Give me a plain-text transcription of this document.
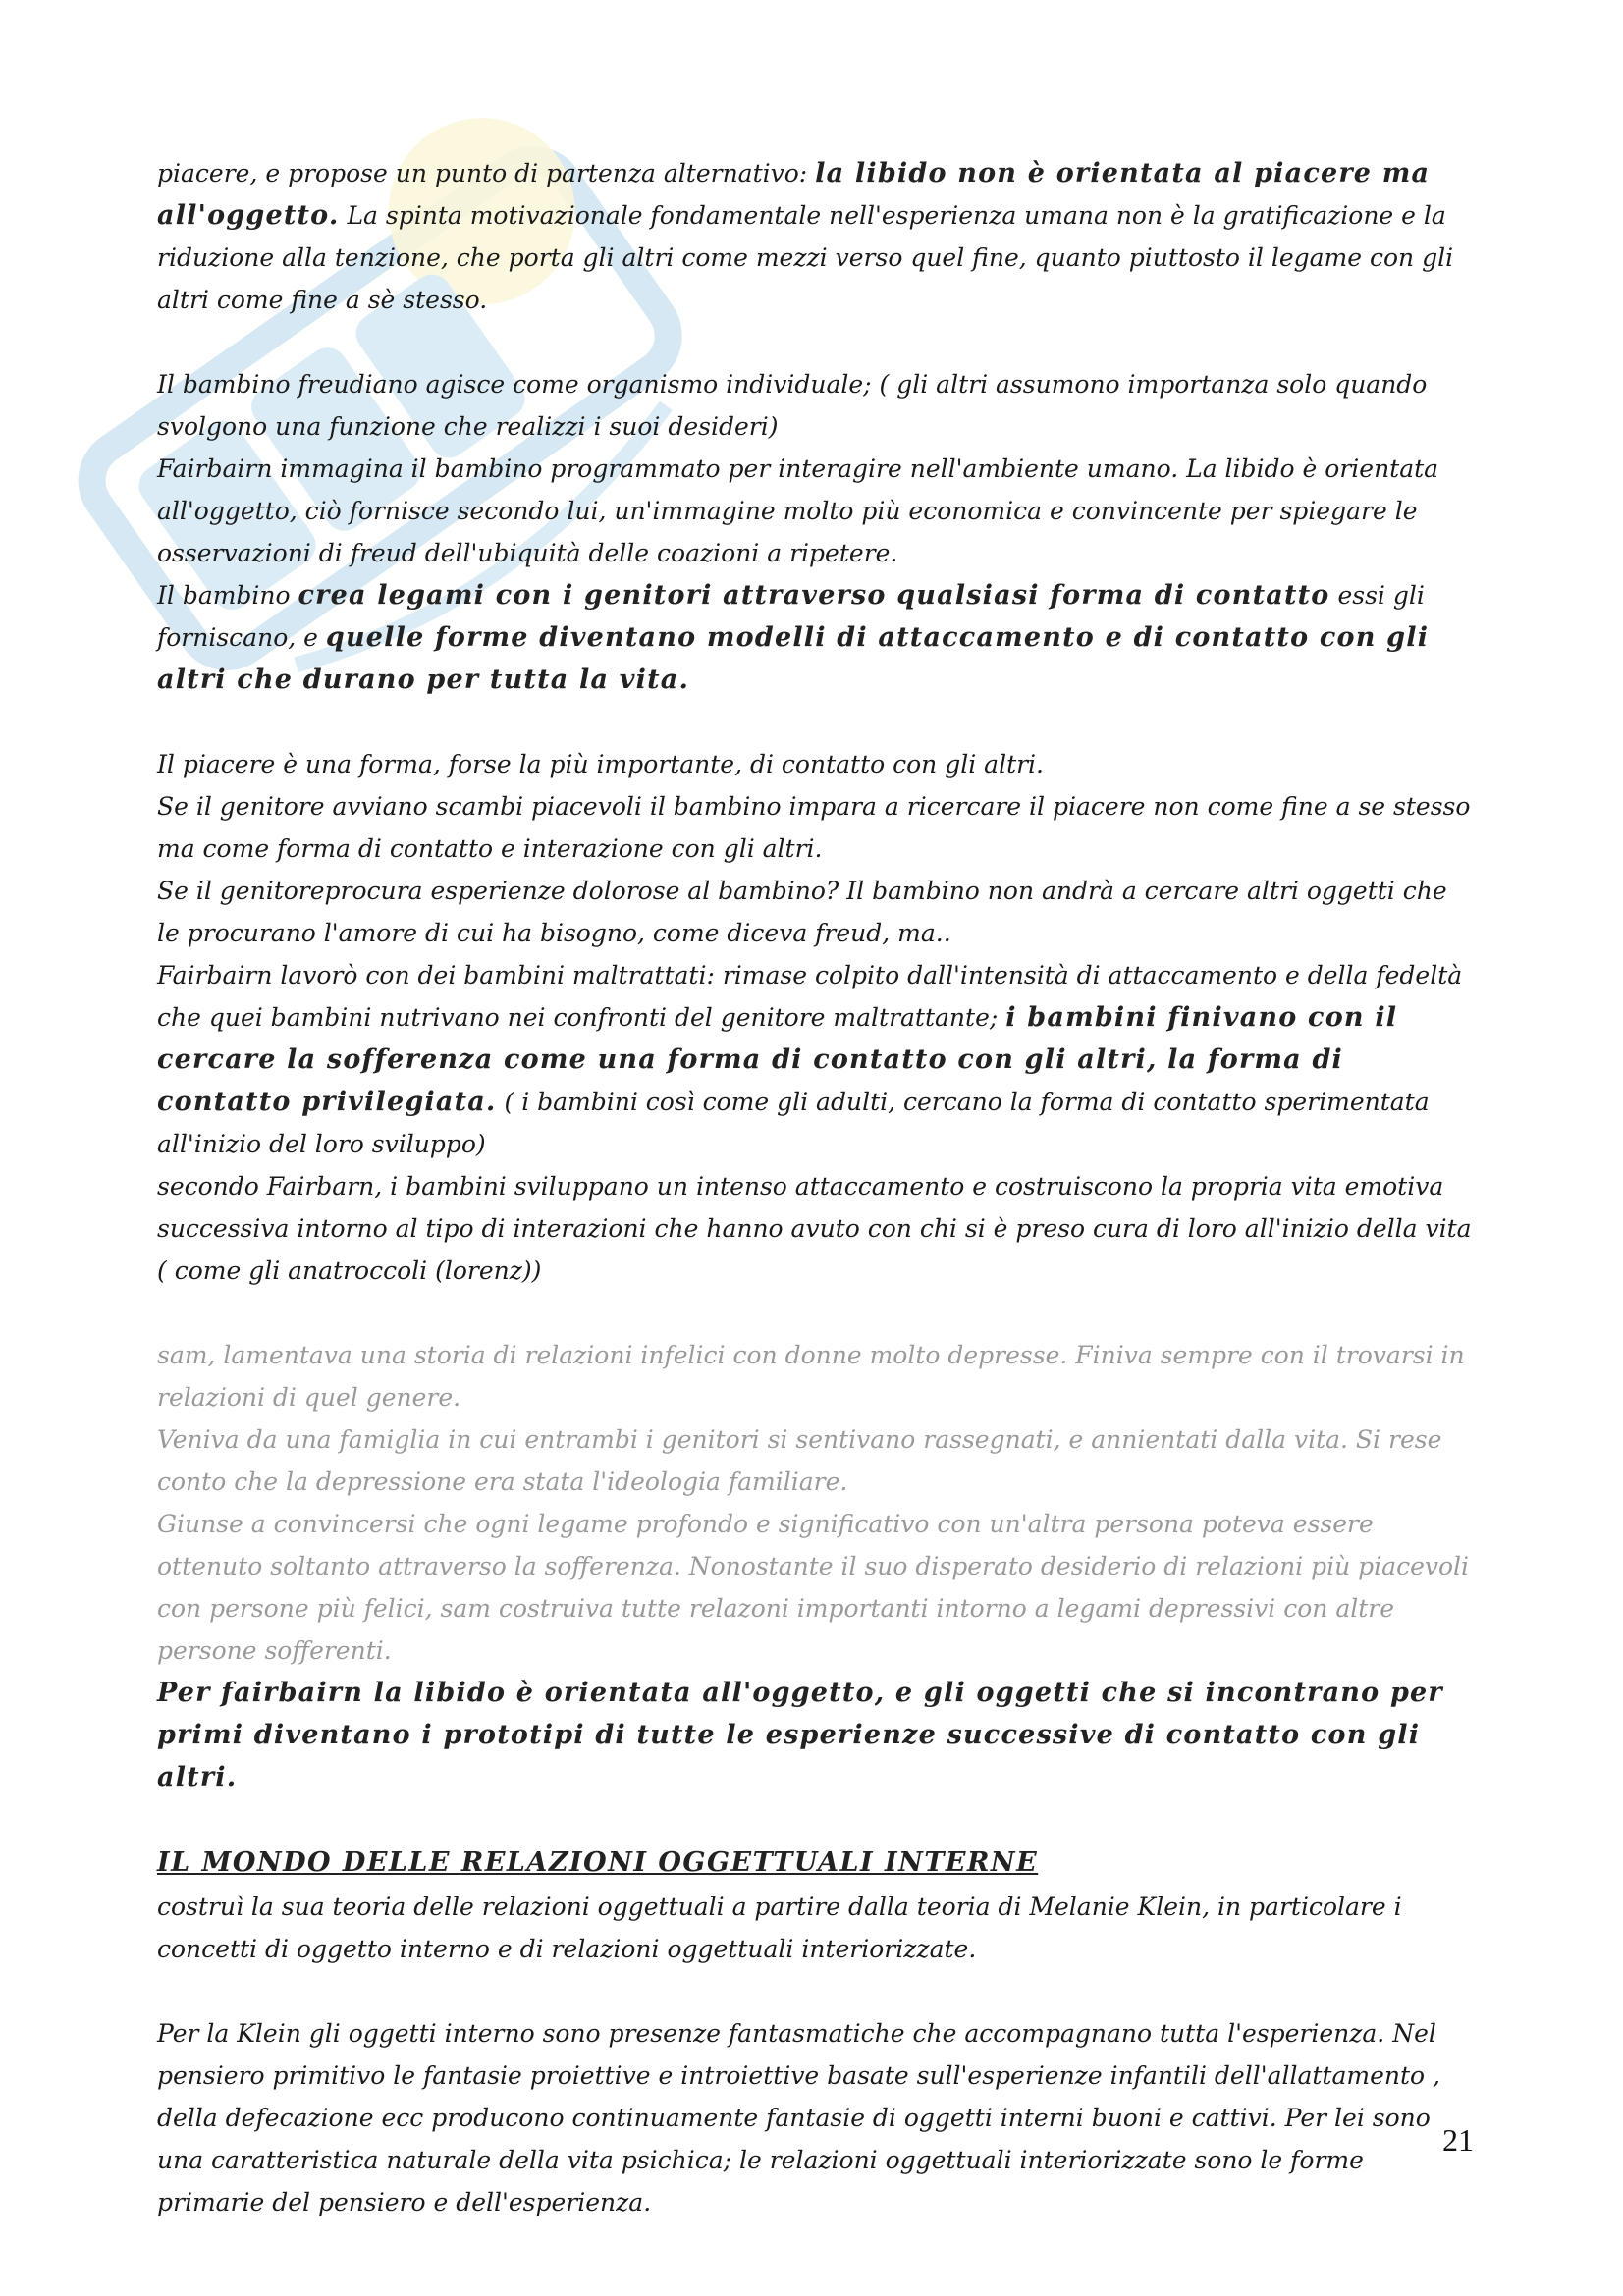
piacere, e propose un punto di partenza alternativo: la libido non è orientata al piacere ma all'oggetto. La spinta motivazionale fondamentale nell'esperienza umana non è la gratificazione e la riduzione alla tenzione, che porta gli altri come mezzi verso quel fine, quanto piuttosto il legame con gli altri come fine a sè stesso.

Il bambino freudiano agisce come organismo individuale; ( gli altri assumono importanza solo quando svolgono una funzione che realizzi i suoi desideri)

Fairbairn immagina il bambino programmato per interagire nell'ambiente umano. La libido è orientata all'oggetto, ciò fornisce secondo lui, un'immagine molto più economica e convincente per spiegare le osservazioni di freud dell'ubiquità delle coazioni a ripetere.

Il bambino crea legami con i genitori attraverso qualsiasi forma di contatto essi gli forniscano, e quelle forme diventano modelli di attaccamento e di contatto con gli altri che durano per tutta la vita.

Il piacere è una forma, forse la più importante, di contatto con gli altri.

Se il genitore avviano scambi piacevoli il bambino impara a ricercare il piacere non come fine a se stesso ma come forma di contatto e interazione con gli altri.

Se il genitoreprocura esperienze dolorose al bambino? Il bambino non andrà a cercare altri oggetti che le procurano l'amore di cui ha bisogno, come diceva freud, ma..

Fairbairn lavorò con dei bambini maltrattati: rimase colpito dall'intensità di attaccamento e della fedeltà che quei bambini nutrivano nei confronti del genitore maltrattante; i bambini finivano con il cercare la sofferenza come una forma di contatto con gli altri, la forma di contatto privilegiata. ( i bambini così come gli adulti, cercano la forma di contatto sperimentata all'inizio del loro sviluppo)

secondo Fairbarn, i bambini sviluppano un intenso attaccamento e costruiscono la propria vita emotiva successiva intorno al tipo di interazioni che hanno avuto con chi si è preso cura di loro all'inizio della vita ( come gli anatroccoli (lorenz))

sam, lamentava una storia di relazioni infelici con donne molto depresse. Finiva sempre con il trovarsi in relazioni di quel genere.

Veniva da una famiglia in cui entrambi i genitori si sentivano rassegnati, e annientati dalla vita. Si rese conto che la depressione era stata l'ideologia familiare.

Giunse a convincersi che ogni legame profondo e significativo con un'altra persona poteva essere ottenuto soltanto attraverso la sofferenza. Nonostante il suo disperato desiderio di relazioni più piacevoli con persone più felici, sam costruiva tutte relazoni importanti intorno a legami depressivi con altre persone sofferenti.

Per fairbairn la libido è orientata all'oggetto, e gli oggetti che si incontrano per primi diventano i prototipi di tutte le esperienze successive di contatto con gli altri.

IL MONDO DELLE RELAZIONI OGGETTUALI INTERNE

costruì la sua teoria delle relazioni oggettuali a partire dalla teoria di Melanie Klein, in particolare i concetti di oggetto interno e di relazioni oggettuali interiorizzate.

Per la Klein gli oggetti interno sono presenze fantasmatiche che accompagnano tutta l'esperienza. Nel pensiero primitivo le fantasie proiettive e introiettive basate sull'esperienze infantili dell'allattamento , della defecazione ecc producono continuamente fantasie di oggetti interni buoni e cattivi. Per lei sono una caratteristica naturale della vita psichica; le relazioni oggettuali interiorizzate sono le forme primarie del pensiero e dell'esperienza.

21
